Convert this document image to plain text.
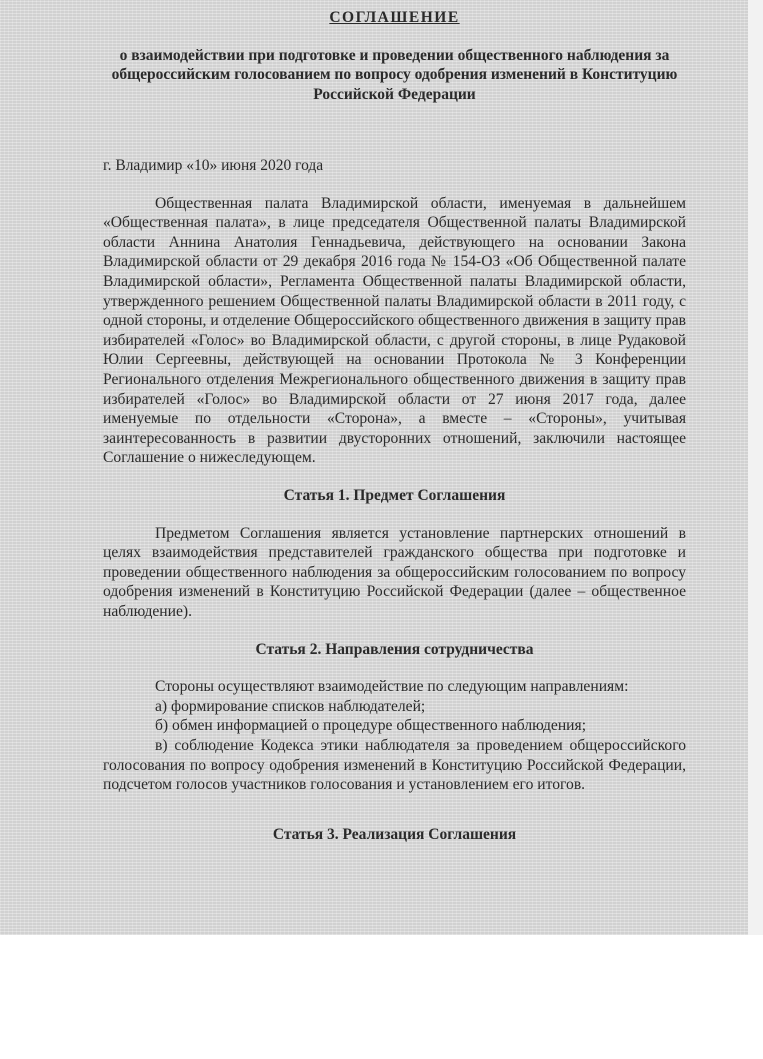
СОГЛАШЕНИЕ
о взаимодействии при подготовке и проведении общественного наблюдения за общероссийским голосованием по вопросу одобрения изменений в Конституцию Российской Федерации
г. Владимир «10» июня 2020 года

Общественная палата Владимирской области, именуемая в дальнейшем «Общественная палата», в лице председателя Общественной палаты Владимирской области Аннина Анатолия Геннадьевича, действующего на основании Закона Владимирской области от 29 декабря 2016 года № 154-ОЗ «Об Общественной палате Владимирской области», Регламента Общественной палаты Владимирской области, утвержденного решением Общественной палаты Владимирской области в 2011 году, с одной стороны, и отделение Общероссийского общественного движения в защиту прав избирателей «Голос» во Владимирской области, с другой стороны, в лице Рудаковой Юлии Сергеевны, действующей на основании Протокола № 3 Конференции Регионального отделения Межрегионального общественного движения в защиту прав избирателей «Голос» во Владимирской области от 27 июня 2017 года, далее именуемые по отдельности «Сторона», а вместе – «Стороны», учитывая заинтересованность в развитии двусторонних отношений, заключили настоящее Соглашение о нижеследующем.

Статья 1. Предмет Соглашения

Предметом Соглашения является установление партнерских отношений в целях взаимодействия представителей гражданского общества при подготовке и проведении общественного наблюдения за общероссийским голосованием по вопросу одобрения изменений в Конституцию Российской Федерации (далее – общественное наблюдение).

Статья 2. Направления сотрудничества

Стороны осуществляют взаимодействие по следующим направлениям:

а) формирование списков наблюдателей;

б) обмен информацией о процедуре общественного наблюдения;

в) соблюдение Кодекса этики наблюдателя за проведением общероссийского голосования по вопросу одобрения изменений в Конституцию Российской Федерации, подсчетом голосов участников голосования и установлением его итогов.

Статья 3. Реализация Соглашения
